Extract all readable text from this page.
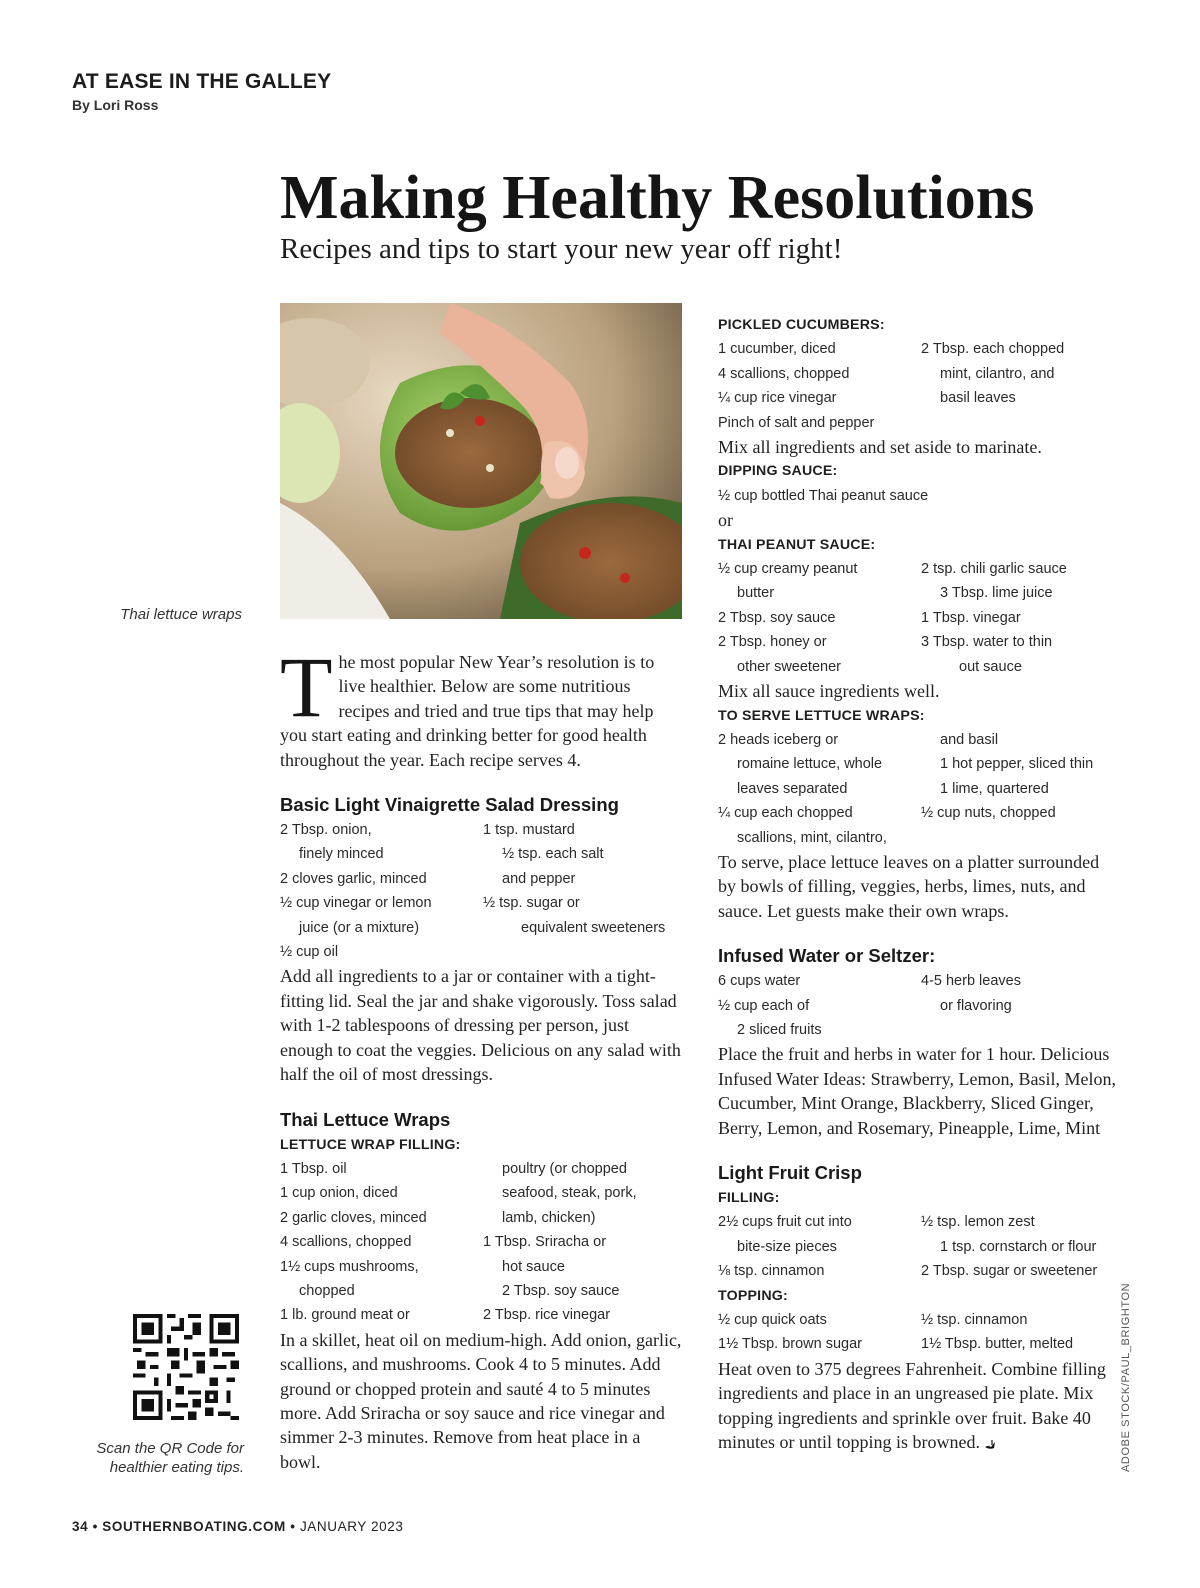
AT EASE IN THE GALLEY
By Lori Ross
Making Healthy Resolutions
Recipes and tips to start your new year off right!
Thai lettuce wraps
T he most popular New Year’s resolution is to live healthier. Below are some nutritious recipes and tried and true tips that may help you start eating and drinking better for good health throughout the year. Each recipe serves 4.

Basic Light Vinaigrette Salad Dressing
2 Tbsp. onion,	1 tsp. mustard
finely minced	½ tsp. each salt
2 cloves garlic, minced	and pepper
½ cup vinegar or lemon	½ tsp. sugar or
juice (or a mixture)	equivalent sweeteners
½ cup oil

Add all ingredients to a jar or container with a tight-fitting lid. Seal the jar and shake vigorously. Toss salad with 1-2 tablespoons of dressing per person, just enough to coat the veggies. Delicious on any salad with half the oil of most dressings.

Thai Lettuce Wraps
LETTUCE WRAP FILLING:
1 Tbsp. oil	poultry (or chopped
1 cup onion, diced	seafood, steak, pork,
2 garlic cloves, minced	lamb, chicken)
4 scallions, chopped	1 Tbsp. Sriracha or
1½ cups mushrooms,	hot sauce
chopped	2 Tbsp. soy sauce
1 lb. ground meat or	2 Tbsp. rice vinegar

In a skillet, heat oil on medium-high. Add onion, garlic, scallions, and mushrooms. Cook 4 to 5 minutes. Add ground or chopped protein and sauté 4 to 5 minutes more. Add Sriracha or soy sauce and rice vinegar and simmer 2-3 minutes. Remove from heat place in a bowl.

PICKLED CUCUMBERS:
1 cucumber, diced	2 Tbsp. each chopped
4 scallions, chopped	mint, cilantro, and
¼ cup rice vinegar	basil leaves
Pinch of salt and pepper

Mix all ingredients and set aside to marinate.

DIPPING SAUCE:
½ cup bottled Thai peanut sauce

or

THAI PEANUT SAUCE:
½ cup creamy peanut	2 tsp. chili garlic sauce
butter	3 Tbsp. lime juice
2 Tbsp. soy sauce	1 Tbsp. vinegar
2 Tbsp. honey or	3 Tbsp. water to thin
other sweetener	out sauce

Mix all sauce ingredients well.

TO SERVE LETTUCE WRAPS:
2 heads iceberg or	and basil
romaine lettuce, whole	1 hot pepper, sliced thin
leaves separated	1 lime, quartered
¼ cup each chopped	½ cup nuts, chopped
scallions, mint, cilantro,

To serve, place lettuce leaves on a platter surrounded by bowls of filling, veggies, herbs, limes, nuts, and sauce. Let guests make their own wraps.

Infused Water or Seltzer:
6 cups water	4-5 herb leaves
½ cup each of	or flavoring
2 sliced fruits

Place the fruit and herbs in water for 1 hour. Delicious Infused Water Ideas: Strawberry, Lemon, Basil, Melon, Cucumber, Mint Orange, Blackberry, Sliced Ginger, Berry, Lemon, and Rosemary, Pineapple, Lime, Mint

Light Fruit Crisp
FILLING:
2½ cups fruit cut into	½ tsp. lemon zest
bite-size pieces	1 tsp. cornstarch or flour
⅛ tsp. cinnamon	2 Tbsp. sugar or sweetener
TOPPING:
½ cup quick oats	½ tsp. cinnamon
1½ Tbsp. brown sugar	1½ Tbsp. butter, melted

Heat oven to 375 degrees Fahrenheit. Combine filling ingredients and place in an ungreased pie plate. Mix topping ingredients and sprinkle over fruit. Bake 40 minutes or until topping is browned.	ADOBE STOCK/PAUL_BRIGHTON
Scan the QR Code for healthier eating tips.
34 • SOUTHERNBOATING.COM • JANUARY 2023
